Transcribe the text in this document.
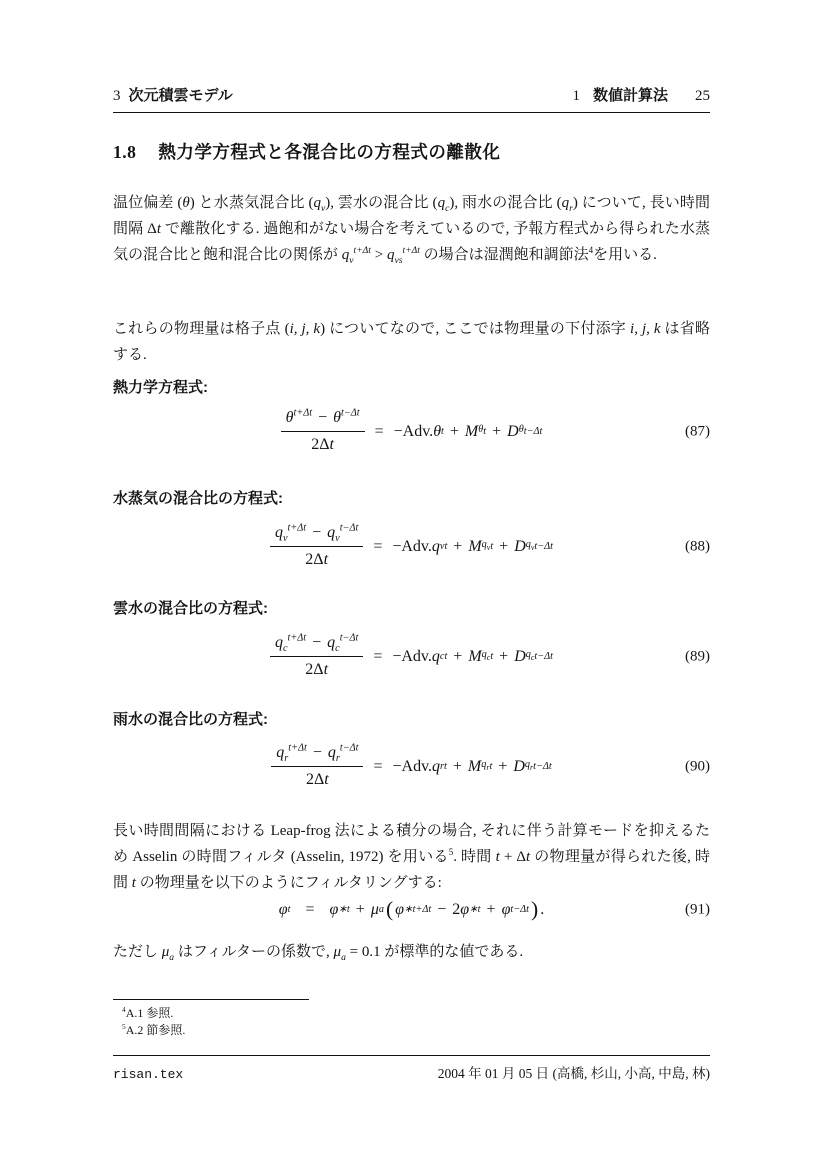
3 次元積雲モデル	1 数値計算法 25
1.8 熱力学方程式と各混合比の方程式の離散化

温位偏差 (θ) と水蒸気混合比 $(q_v)$, 雲水の混合比 $(q_c)$, 雨水の混合比 $(q_r)$ について, 長い時間間隔 Δt で離散化する. 過飽和がない場合を考えているので, 予報方程式から得られた水蒸気の混合比と飽和混合比の関係が $q_v^{t+\Delta t} > q_{vs}^{t+\Delta t}$ の場合は湿潤飽和調節法$^4$を用いる.

これらの物理量は格子点 (i, j, k) についてなので, ここでは物理量の下付添字 i, j, k は省略する.

熱力学方程式:
$\frac{\theta^{t+\Delta t} - \theta^{t-\Delta t}}{2\Delta t} = -Adv$. θ t + M θ t + D θ t−Δt	(87)
水蒸気の混合比の方程式:
$\frac{q_v^{t+\Delta t} - q_v^{t-\Delta t}}{2\Delta t} = -Adv$. q v t + M $q_v$ t + D $q_v$ t−Δt	(88)
雲水の混合比の方程式:
$\frac{q_c^{t+\Delta t} - q_c^{t-\Delta t}}{2\Delta t} = -Adv$. q c t + M $q_c$ t + D $q_c$ t−Δt	(89)
雨水の混合比の方程式:
$\frac{q_r^{t+\Delta t} - q_r^{t-\Delta t}}{2\Delta t} = -Adv$. q r t + M $q_r$ t + D $q_r$ t−Δt	(90)

長い時間間隔における Leap-frog 法による積分の場合, それに伴う計算モードを抑えるため Asselin の時間フィルタ (Asselin, 1972) を用いる$^5$. 時間 t + Δt の物理量が得られた後, 時間 t の物理量を以下のようにフィルタリングする:

φ t = φ ∗t + μ a ( φ ∗t+Δt − 2 φ ∗t + φ t−Δt ) .	(91)

ただし $\mu_a$ はフィルターの係数で, $\mu_a = 0.1$ が標準的な値である.

$^4$A.1 参照.
$^5$A.2 節参照.
risan.tex	2004 年 01 月 05 日 (高橋, 杉山, 小高, 中島, 林)
